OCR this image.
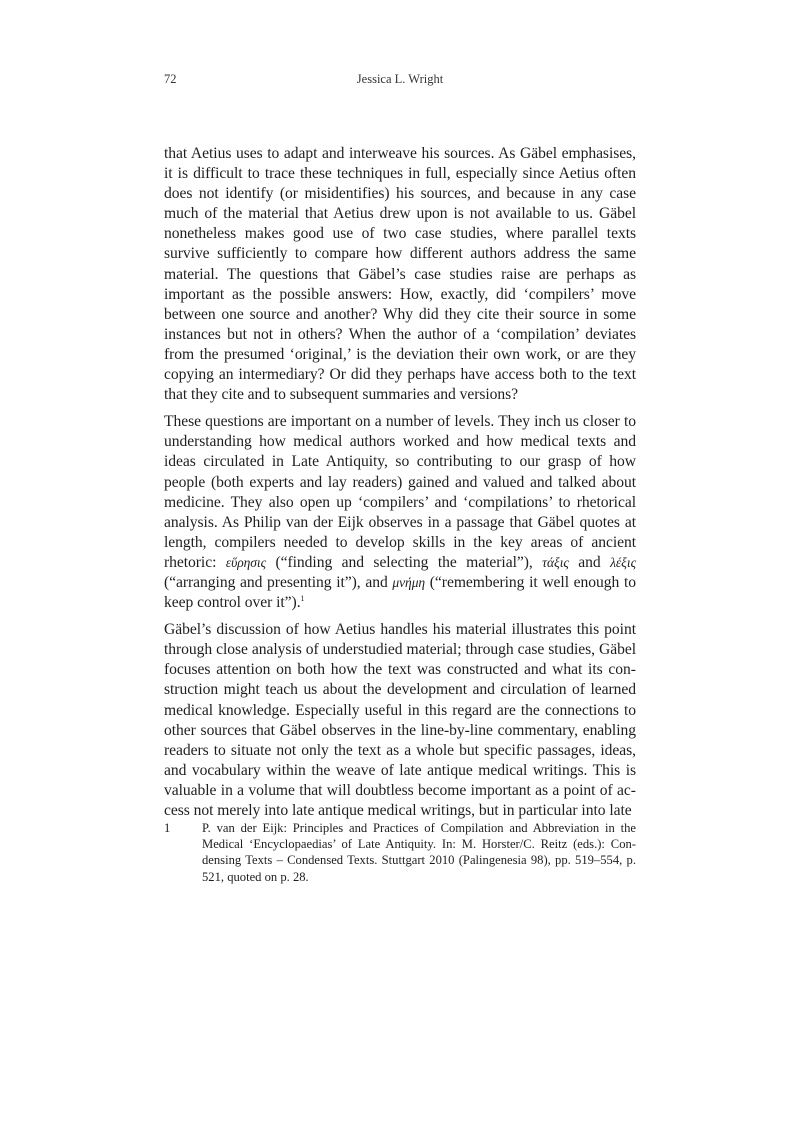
72	Jessica L. Wright

that Aetius uses to adapt and interweave his sources. As Gäbel emphasises, it is difficult to trace these techniques in full, especially since Aetius often does not identify (or misidentifies) his sources, and because in any case much of the material that Aetius drew upon is not available to us. Gäbel nonetheless makes good use of two case studies, where parallel texts survive sufficiently to compare how different authors address the same material. The questions that Gäbel’s case studies raise are perhaps as important as the possible answers: How, exactly, did ‘compilers’ move between one source and another? Why did they cite their source in some instances but not in others? When the author of a ‘compilation’ deviates from the presumed ‘original,’ is the deviation their own work, or are they copying an intermediary? Or did they perhaps have access both to the text that they cite and to subsequent summaries and versions?

These questions are important on a number of levels. They inch us closer to understanding how medical authors worked and how medical texts and ideas circulated in Late Antiquity, so contributing to our grasp of how people (both experts and lay readers) gained and valued and talked about medicine. They also open up ‘compilers’ and ‘compilations’ to rhetorical analysis. As Philip van der Eijk observes in a passage that Gäbel quotes at length, compilers needed to develop skills in the key areas of ancient rhetoric: εὕρησις (“finding and selecting the material”), τάξις and λέξις (“arranging and presenting it”), and μνήμη (“remembering it well enough to keep control over it”).$^1$

Gäbel’s discussion of how Aetius handles his material illustrates this point through close analysis of understudied material; through case studies, Gäbel focuses attention on both how the text was constructed and what its construction might teach us about the development and circulation of learned medical knowledge. Especially useful in this regard are the connections to other sources that Gäbel observes in the line-by-line commentary, enabling readers to situate not only the text as a whole but specific passages, ideas, and vocabulary within the weave of late antique medical writings. This is valuable in a volume that will doubtless become important as a point of access not merely into late antique medical writings, but in particular into late

1	P. van der Eijk: Principles and Practices of Compilation and Abbreviation in the Medical ‘Encyclopaedias’ of Late Antiquity. In: M. Horster/C. Reitz (eds.): Condensing Texts – Condensed Texts. Stuttgart 2010 (Palingenesia 98), pp. 519–554, p. 521, quoted on p. 28.
